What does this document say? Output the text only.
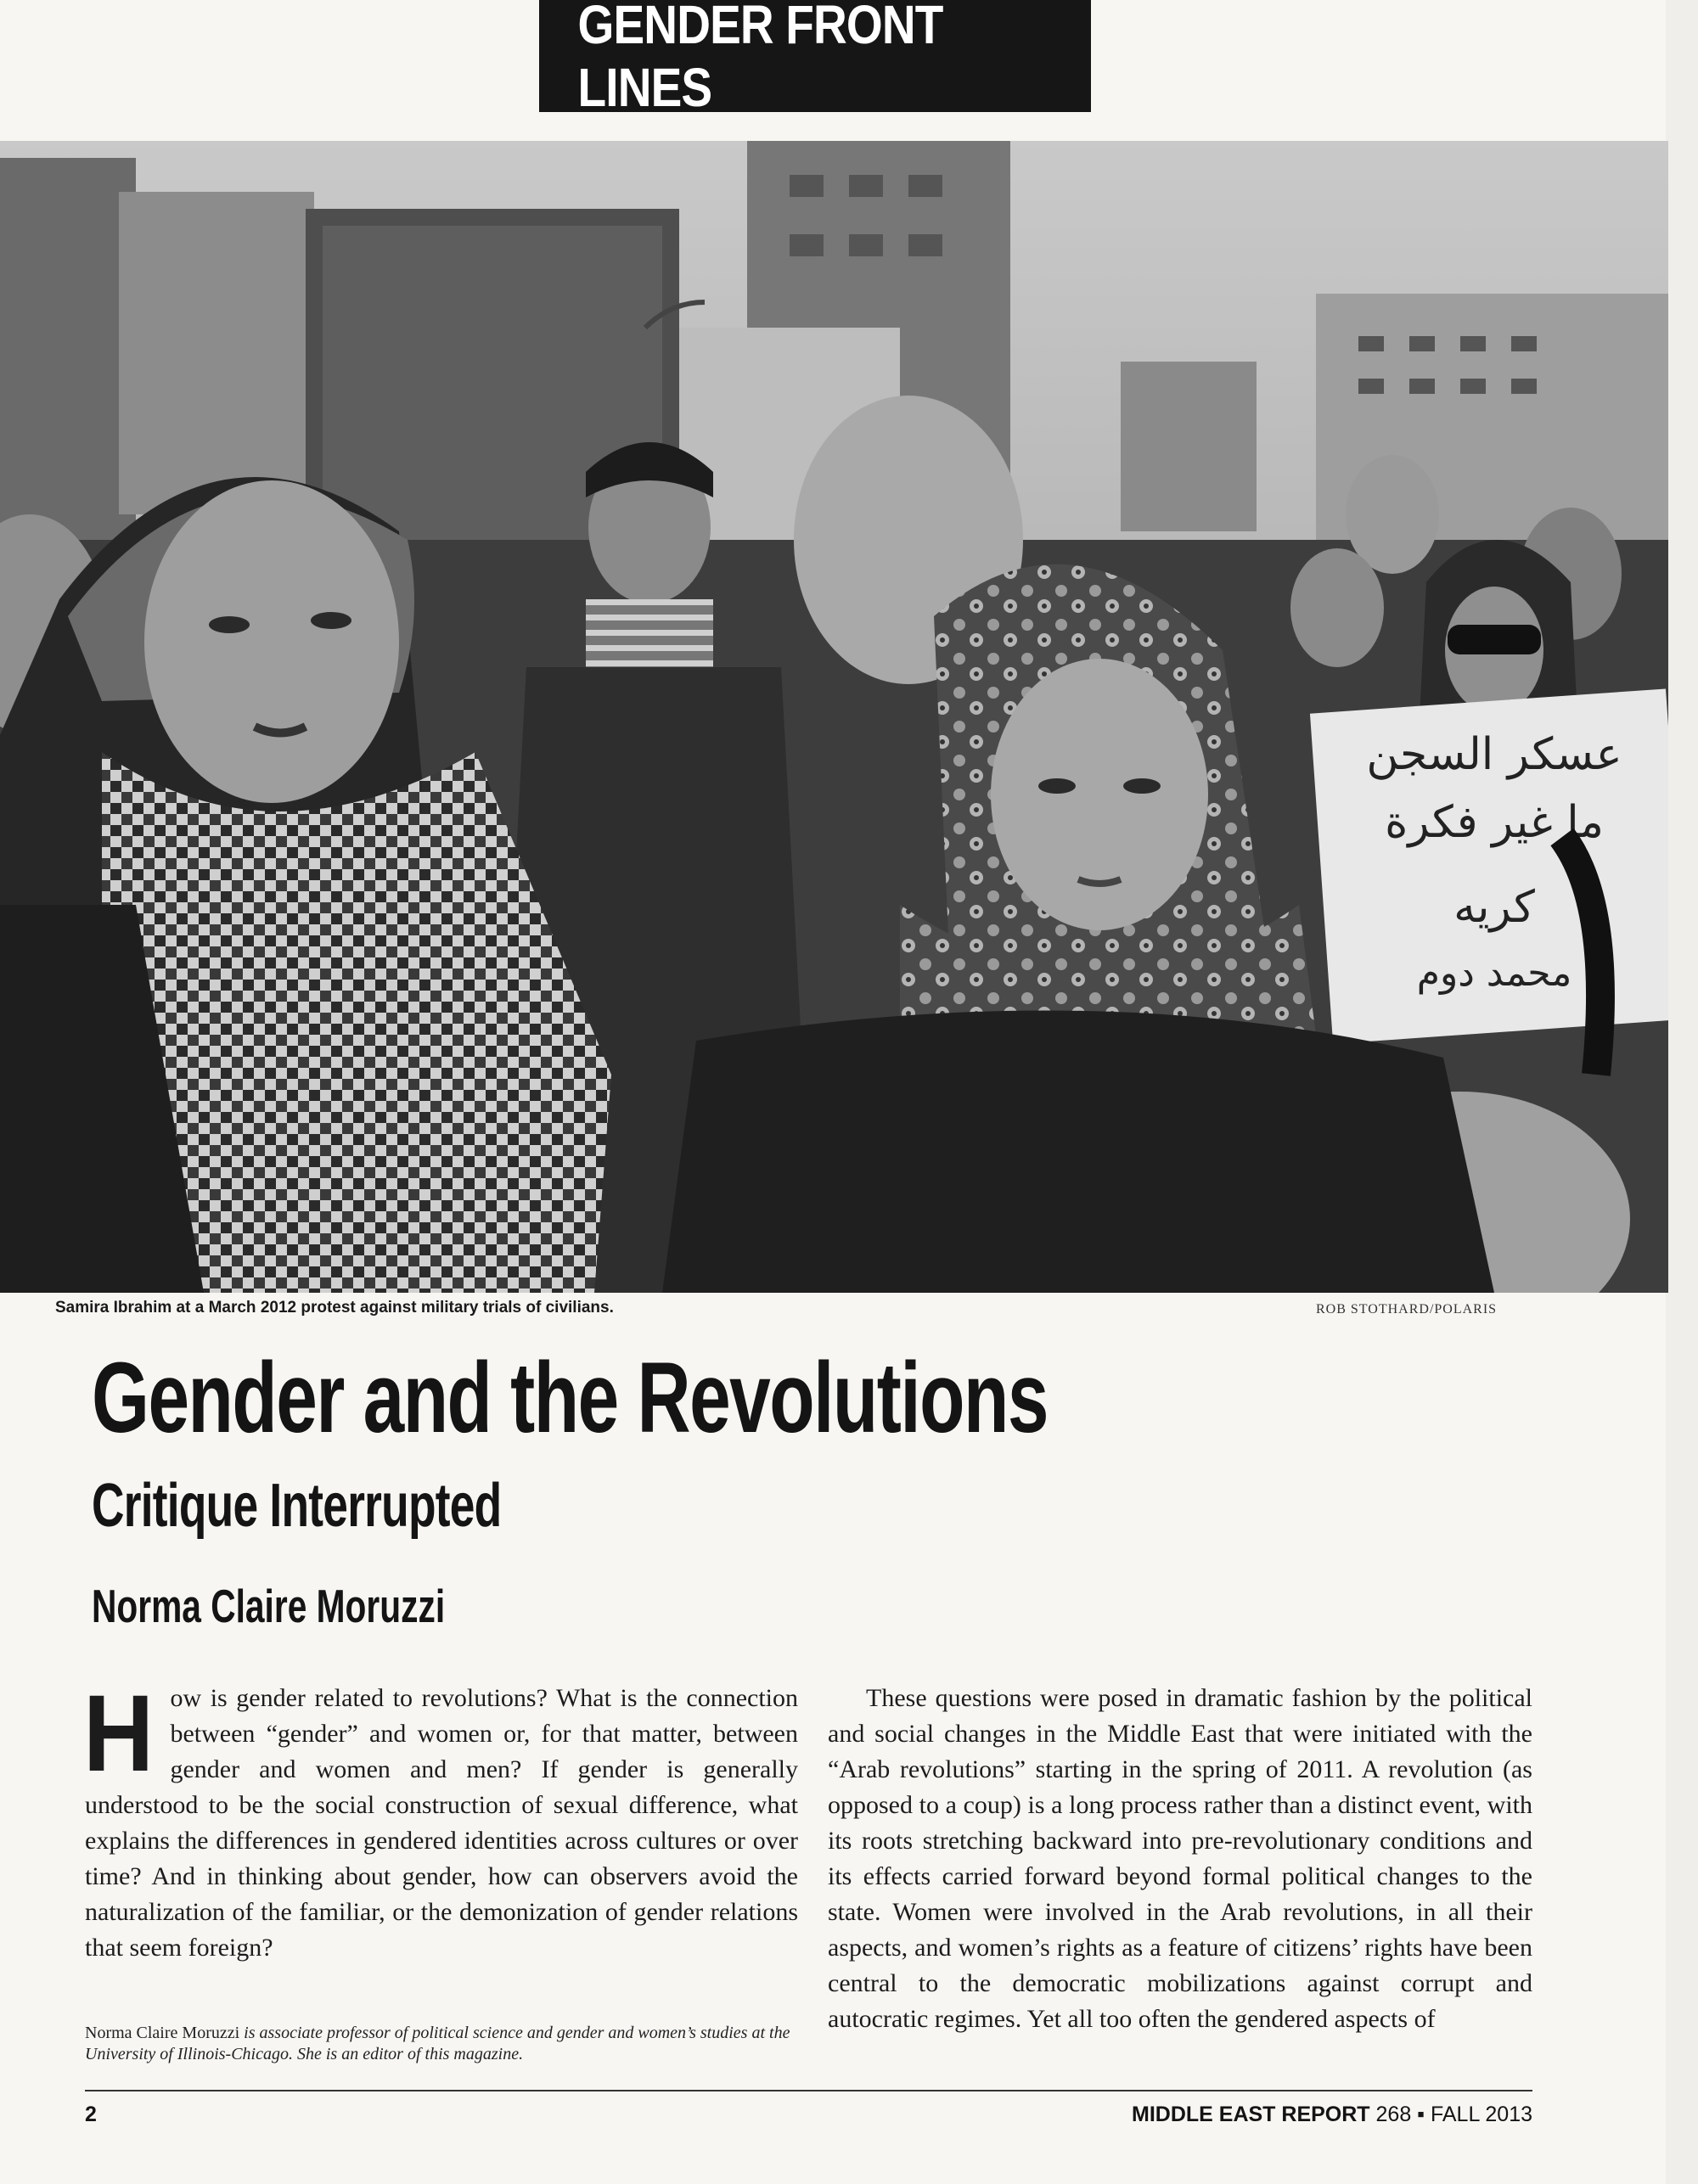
GENDER FRONT LINES
عسكر السجن
ما غير فكرة
كريه
محمد دوم
Samira Ibrahim at a March 2012 protest against military trials of civilians.	ROB STOTHARD/POLARIS
Gender and the Revolutions
Critique Interrupted
Norma Claire Moruzzi
How is gender related to revolutions? What is the connection between “gender” and women or, for that matter, between gender and women and men? If gender is generally understood to be the social construction of sexual difference, what explains the differences in gendered identities across cultures or over time? And in thinking about gender, how can observers avoid the naturalization of the familiar, or the demonization of gender relations that seem foreign?
These questions were posed in dramatic fashion by the political and social changes in the Middle East that were initiated with the “Arab revolutions” starting in the spring of 2011. A revolution (as opposed to a coup) is a long process rather than a distinct event, with its roots stretching backward into pre-revolutionary conditions and its effects carried forward beyond formal political changes to the state. Women were involved in the Arab revolutions, in all their aspects, and women’s rights as a feature of citizens’ rights have been central to the democratic mobilizations against corrupt and autocratic regimes. Yet all too often the gendered aspects of
Norma Claire Moruzzi is associate professor of political science and gender and women’s studies at the University of Illinois-Chicago. She is an editor of this magazine.
2	MIDDLE EAST REPORT 268 ▪ FALL 2013
